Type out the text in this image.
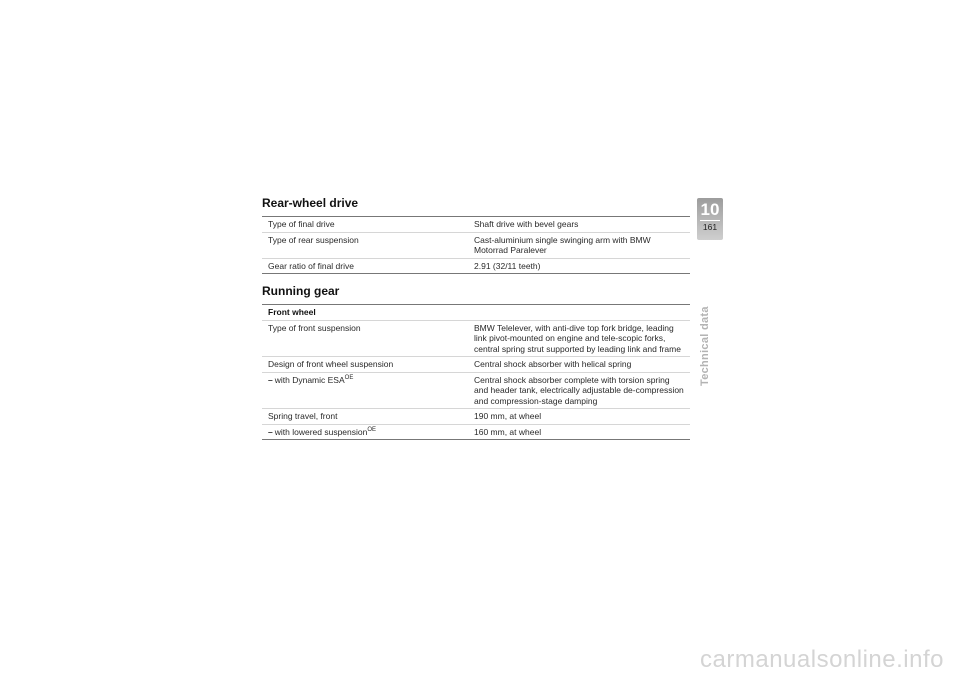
Rear-wheel drive
Type of final drive	Shaft drive with bevel gears
Type of rear suspension	Cast-aluminium single swinging arm with BMW Motorrad Paralever
Gear ratio of final drive	2.91 (32/11 teeth)
Running gear
Front wheel	
Type of front suspension	BMW Telelever, with anti-dive top fork bridge, leading link pivot-mounted on engine and tele-scopic forks, central spring strut supported by leading link and frame
Design of front wheel suspension	Central shock absorber with helical spring
– with Dynamic $ESA^{OE}$	Central shock absorber complete with torsion spring and header tank, electrically adjustable de-compression and compression-stage damping
Spring travel, front	190 mm, at wheel
– with lowered suspension$^{OE}$	160 mm, at wheel
10
161
Technical data
carmanualsonline.info
